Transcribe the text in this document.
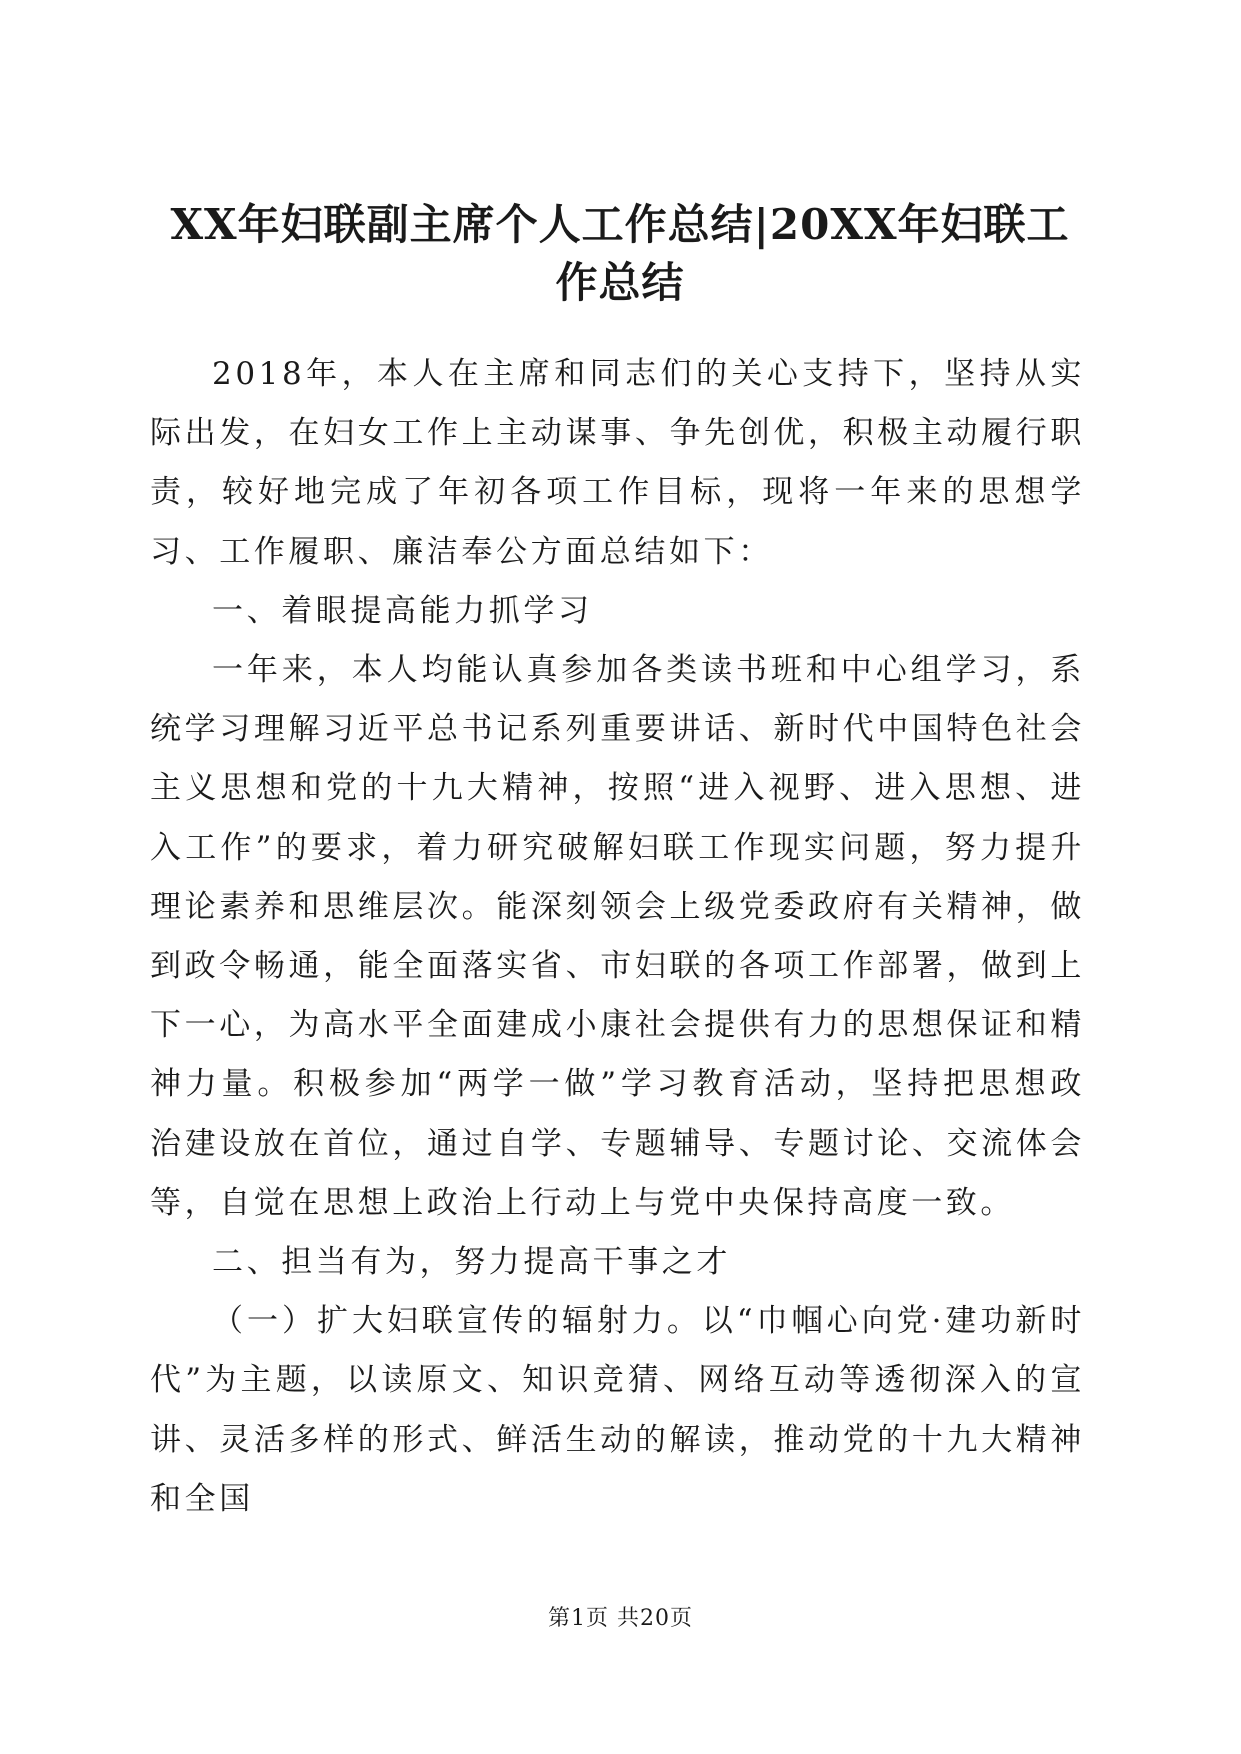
XX年妇联副主席个人工作总结|20XX年妇联工作总结

2018年，本人在主席和同志们的关心支持下，坚持从实际出发，在妇女工作上主动谋事、争先创优，积极主动履行职责，较好地完成了年初各项工作目标，现将一年来的思想学习、工作履职、廉洁奉公方面总结如下：

一、着眼提高能力抓学习

一年来，本人均能认真参加各类读书班和中心组学习，系统学习理解习近平总书记系列重要讲话、新时代中国特色社会主义思想和党的十九大精神，按照“进入视野、进入思想、进入工作”的要求，着力研究破解妇联工作现实问题，努力提升理论素养和思维层次。能深刻领会上级党委政府有关精神，做到政令畅通，能全面落实省、市妇联的各项工作部署，做到上下一心，为高水平全面建成小康社会提供有力的思想保证和精神力量。积极参加“两学一做”学习教育活动，坚持把思想政治建设放在首位，通过自学、专题辅导、专题讨论、交流体会等，自觉在思想上政治上行动上与党中央保持高度一致。

二、担当有为，努力提高干事之才

（一）扩大妇联宣传的辐射力。以“巾帼心向党·建功新时代”为主题，以读原文、知识竞猜、网络互动等透彻深入的宣讲、灵活多样的形式、鲜活生动的解读，推动党的十九大精神和全国

第1页 共20页
